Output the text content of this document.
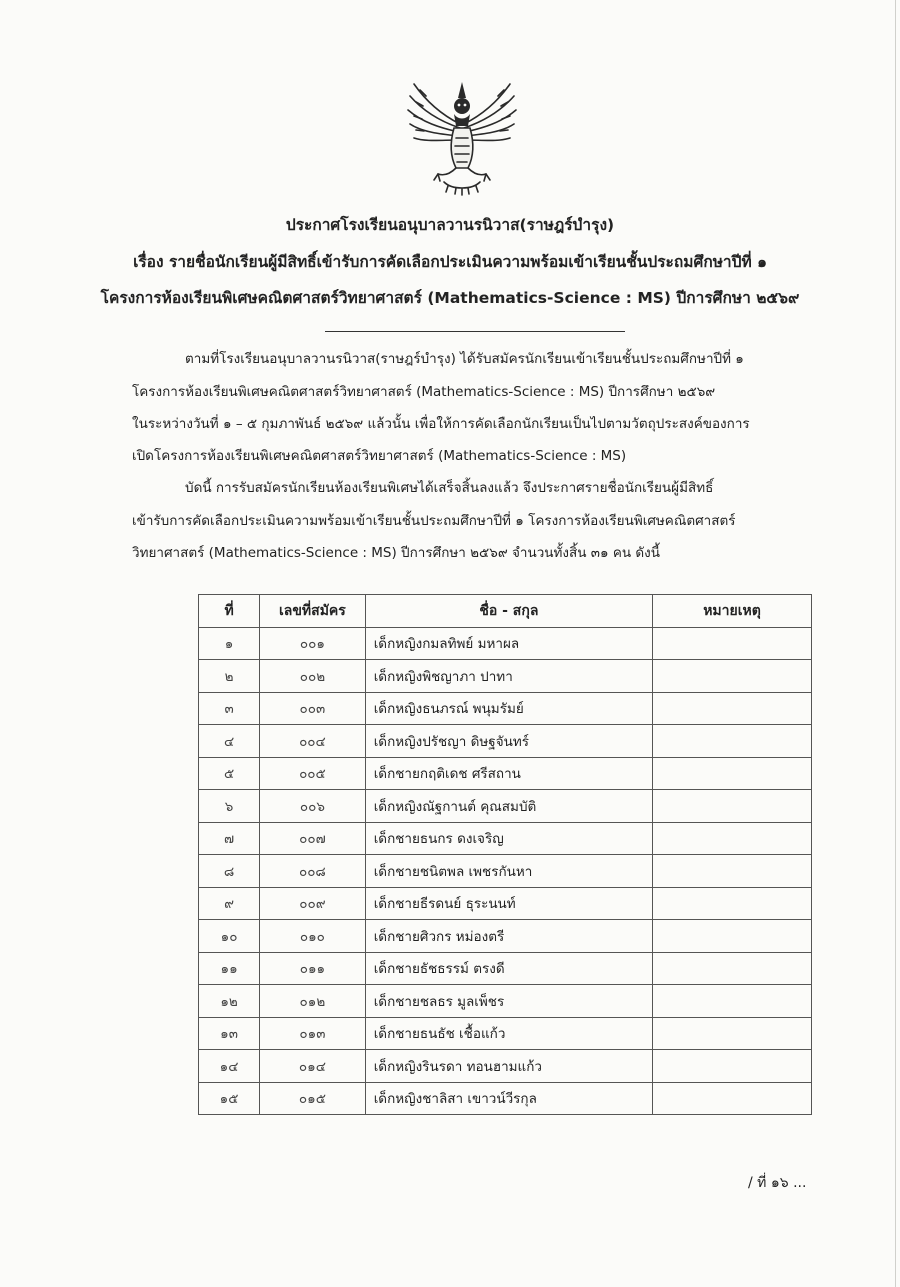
ประกาศโรงเรียนอนุบาลวานรนิวาส(ราษฎร์บำรุง)
เรื่อง รายชื่อนักเรียนผู้มีสิทธิ์เข้ารับการคัดเลือกประเมินความพร้อมเข้าเรียนชั้นประถมศึกษาปีที่ ๑
โครงการห้องเรียนพิเศษคณิตศาสตร์วิทยาศาสตร์ (Mathematics-Science : MS) ปีการศึกษา ๒๕๖๙
ตามที่โรงเรียนอนุบาลวานรนิวาส(ราษฎร์บำรุง) ได้รับสมัครนักเรียนเข้าเรียนชั้นประถมศึกษาปีที่ ๑
โครงการห้องเรียนพิเศษคณิตศาสตร์วิทยาศาสตร์ (Mathematics-Science : MS) ปีการศึกษา ๒๕๖๙
ในระหว่างวันที่ ๑ – ๕ กุมภาพันธ์ ๒๕๖๙ แล้วนั้น เพื่อให้การคัดเลือกนักเรียนเป็นไปตามวัตถุประสงค์ของการ
เปิดโครงการห้องเรียนพิเศษคณิตศาสตร์วิทยาศาสตร์ (Mathematics-Science : MS)
บัดนี้ การรับสมัครนักเรียนห้องเรียนพิเศษได้เสร็จสิ้นลงแล้ว จึงประกาศรายชื่อนักเรียนผู้มีสิทธิ์
เข้ารับการคัดเลือกประเมินความพร้อมเข้าเรียนชั้นประถมศึกษาปีที่ ๑ โครงการห้องเรียนพิเศษคณิตศาสตร์
วิทยาศาสตร์ (Mathematics-Science : MS) ปีการศึกษา ๒๕๖๙ จำนวนทั้งสิ้น ๓๑ คน ดังนี้
ที่	เลขที่สมัคร	ชื่อ - สกุล	หมายเหตุ
๑	๐๐๑	เด็กหญิงกมลทิพย์ มหาผล	
๒	๐๐๒	เด็กหญิงพิชญาภา ปาทา	
๓	๐๐๓	เด็กหญิงธนภรณ์ พนุมรัมย์	
๔	๐๐๔	เด็กหญิงปรัชญา ดิษฐจันทร์	
๕	๐๐๕	เด็กชายกฤติเดช ศรีสถาน	
๖	๐๐๖	เด็กหญิงณัฐกานต์ คุณสมบัติ	
๗	๐๐๗	เด็กชายธนกร ดงเจริญ	
๘	๐๐๘	เด็กชายชนิตพล เพชรกันหา	
๙	๐๐๙	เด็กชายธีรดนย์ ธุระนนท์	
๑๐	๐๑๐	เด็กชายศิวกร หม่องตรี	
๑๑	๐๑๑	เด็กชายธัชธรรม์ ตรงดี	
๑๒	๐๑๒	เด็กชายชลธร มูลเพ็ชร	
๑๓	๐๑๓	เด็กชายธนธัช เชื้อแก้ว	
๑๔	๐๑๔	เด็กหญิงรินรดา ทอนฮามแก้ว	
๑๕	๐๑๕	เด็กหญิงชาลิสา เขาวน์วีรกุล	
/ ที่ ๑๖ ...
